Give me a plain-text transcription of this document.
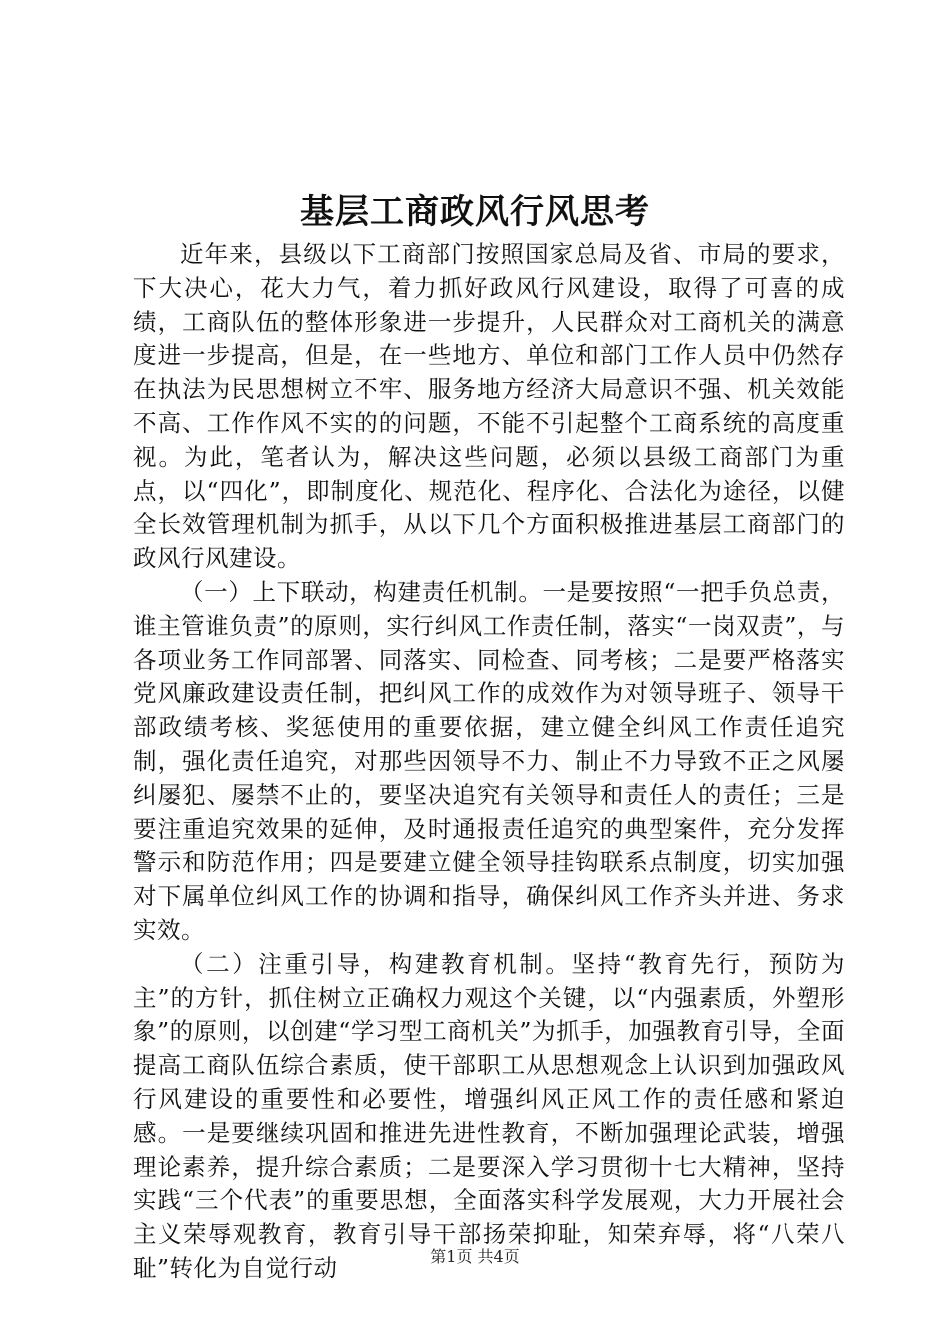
基层工商政风行风思考

近年来，县级以下工商部门按照国家总局及省、市局的要求，下大决心，花大力气，着力抓好政风行风建设，取得了可喜的成绩，工商队伍的整体形象进一步提升，人民群众对工商机关的满意度进一步提高，但是，在一些地方、单位和部门工作人员中仍然存在执法为民思想树立不牢、服务地方经济大局意识不强、机关效能不高、工作作风不实的的问题，不能不引起整个工商系统的高度重视。为此，笔者认为，解决这些问题，必须以县级工商部门为重点，以“四化”，即制度化、规范化、程序化、合法化为途径，以健全长效管理机制为抓手，从以下几个方面积极推进基层工商部门的政风行风建设。

（一）上下联动，构建责任机制。一是要按照“一把手负总责，谁主管谁负责”的原则，实行纠风工作责任制，落实“一岗双责”，与各项业务工作同部署、同落实、同检查、同考核；二是要严格落实党风廉政建设责任制，把纠风工作的成效作为对领导班子、领导干部政绩考核、奖惩使用的重要依据，建立健全纠风工作责任追究制，强化责任追究，对那些因领导不力、制止不力导致不正之风屡纠屡犯、屡禁不止的，要坚决追究有关领导和责任人的责任；三是要注重追究效果的延伸，及时通报责任追究的典型案件，充分发挥警示和防范作用；四是要建立健全领导挂钩联系点制度，切实加强对下属单位纠风工作的协调和指导，确保纠风工作齐头并进、务求实效。

（二）注重引导，构建教育机制。坚持“教育先行，预防为主”的方针，抓住树立正确权力观这个关键，以“内强素质，外塑形象”的原则，以创建“学习型工商机关”为抓手，加强教育引导，全面提高工商队伍综合素质，使干部职工从思想观念上认识到加强政风行风建设的重要性和必要性，增强纠风正风工作的责任感和紧迫感。一是要继续巩固和推进先进性教育，不断加强理论武装，增强理论素养，提升综合素质；二是要深入学习贯彻十七大精神，坚持实践“三个代表”的重要思想，全面落实科学发展观，大力开展社会主义荣辱观教育，教育引导干部扬荣抑耻，知荣弃辱，将“八荣八耻”转化为自觉行动	第1页 共4页
